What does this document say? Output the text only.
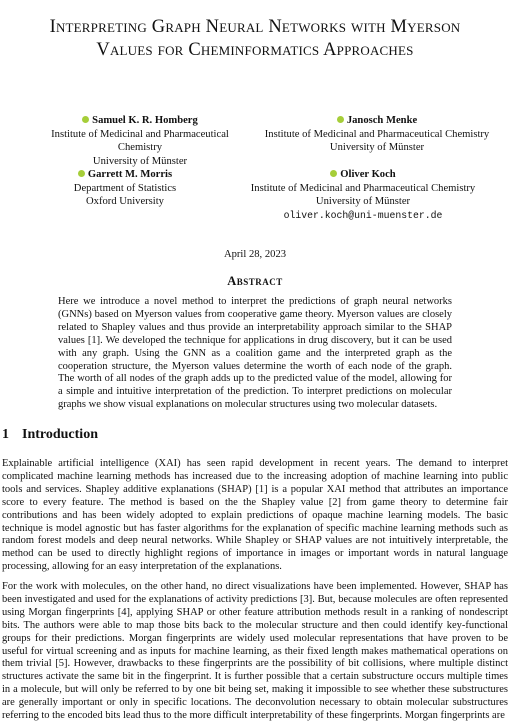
Interpreting Graph Neural Networks with Myerson
Values for Cheminformatics Approaches
Samuel K. R. Homberg
Institute of Medicinal and Pharmaceutical Chemistry
University of Münster
Janosch Menke
Institute of Medicinal and Pharmaceutical Chemistry
University of Münster
Garrett M. Morris
Department of Statistics
Oxford University
Oliver Koch
Institute of Medicinal and Pharmaceutical Chemistry
University of Münster
oliver.koch@uni-muenster.de
April 28, 2023
Abstract
Here we introduce a novel method to interpret the predictions of graph neural networks (GNNs) based on Myerson values from cooperative game theory. Myerson values are closely related to Shapley values and thus provide an interpretability approach similar to the SHAP values [1]. We developed the technique for applications in drug discovery, but it can be used with any graph. Using the GNN as a coalition game and the interpreted graph as the cooperation structure, the Myerson values determine the worth of each node of the graph. The worth of all nodes of the graph adds up to the predicted value of the model, allowing for a simple and intuitive interpretation of the prediction. To interpret predictions on molecular graphs we show visual explanations on molecular structures using two molecular datasets.
1 Introduction

Explainable artificial intelligence (XAI) has seen rapid development in recent years. The demand to interpret complicated machine learning methods has increased due to the increasing adoption of machine learning into public tools and services. Shapley additive explanations (SHAP) [1] is a popular XAI method that attributes an importance score to every feature. The method is based on the the Shapley value [2] from game theory to determine fair contributions and has been widely adopted to explain predictions of opaque machine learning models. The basic technique is model agnostic but has faster algorithms for the explanation of specific machine learning methods such as random forest models and deep neural networks. While Shapley or SHAP values are not intuitively interpretable, the method can be used to directly highlight regions of importance in images or important words in natural language processing, allowing for an easy interpretation of the explanations.

For the work with molecules, on the other hand, no direct visualizations have been implemented. However, SHAP has been investigated and used for the explanations of activity predictions [3]. But, because molecules are often represented using Morgan fingerprints [4], applying SHAP or other feature attribution methods result in a ranking of nondescript bits. The authors were able to map those bits back to the molecular structure and then could identify key-functional groups for their predictions. Morgan fingerprints are widely used molecular representations that have proven to be useful for virtual screening and as inputs for machine learning, as their fixed length makes mathematical operations on them trivial [5]. However, drawbacks to these fingerprints are the possibility of bit collisions, where multiple distinct structures activate the same bit in the fingerprint. It is further possible that a certain substructure occurs multiple times in a molecule, but will only be referred to by one bit being set, making it impossible to see whether these substructures are generally important or only in specific locations. The deconvolution necessary to obtain molecular substructures referring to the encoded bits lead thus to the more difficult interpretability of these fingerprints. Morgan fingerprints are
